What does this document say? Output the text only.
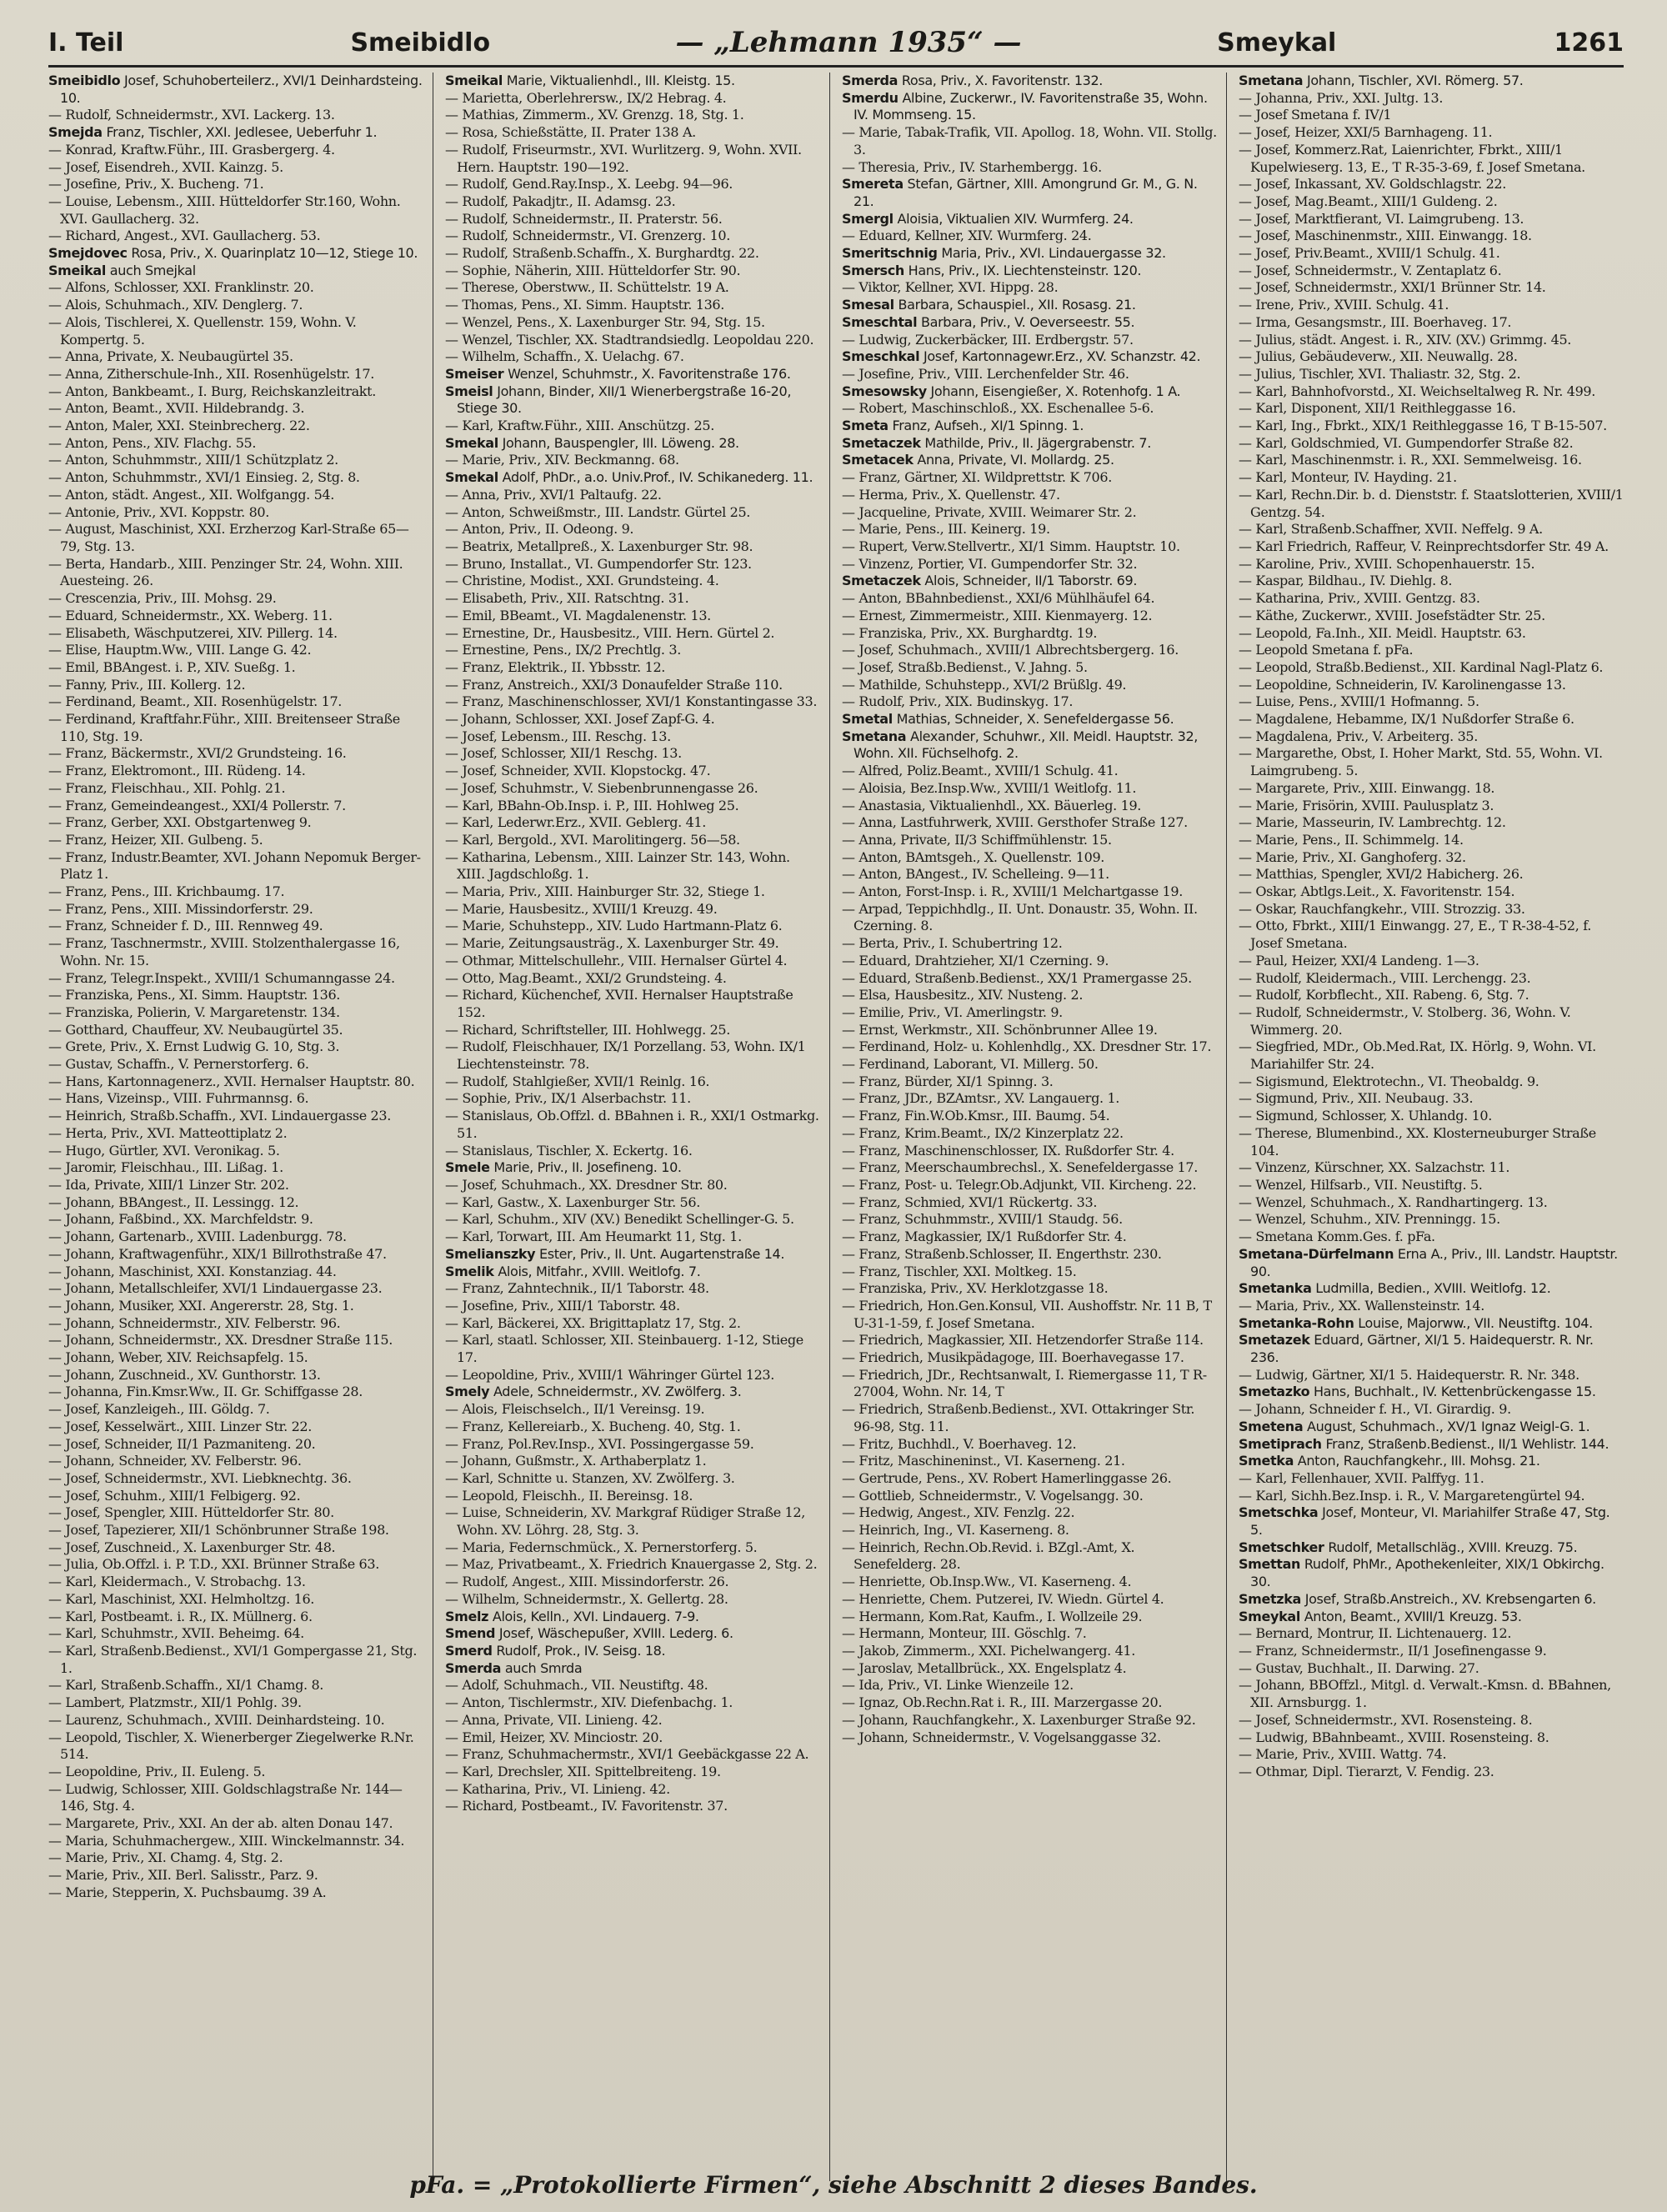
I. Teil	Smeibidlo	— „Lehmann 1935“ —	Smeykal	1261

Smeibidlo Josef, Schuhoberteilerz., XVI/1 Deinhardsteing. 10.

— Rudolf, Schneidermstr., XVI. Lackerg. 13.

Smejda Franz, Tischler, XXI. Jedlesee, Ueberfuhr 1.

— Konrad, Kraftw.Führ., III. Grasbergerg. 4.

— Josef, Eisendreh., XVII. Kainzg. 5.

— Josefine, Priv., X. Bucheng. 71.

— Louise, Lebensm., XIII. Hütteldorfer Str.160, Wohn. XVI. Gaullacherg. 32.

— Richard, Angest., XVI. Gaullacherg. 53.

Smejdovec Rosa, Priv., X. Quarinplatz 10—12, Stiege 10.

Smeikal auch Smejkal

— Alfons, Schlosser, XXI. Franklinstr. 20.

— Alois, Schuhmach., XIV. Denglerg. 7.

— Alois, Tischlerei, X. Quellenstr. 159, Wohn. V. Kompertg. 5.

— Anna, Private, X. Neubaugürtel 35.

— Anna, Zitherschule-Inh., XII. Rosenhügelstr. 17.

— Anton, Bankbeamt., I. Burg, Reichskanzleitrakt.

— Anton, Beamt., XVII. Hildebrandg. 3.

— Anton, Maler, XXI. Steinbrecherg. 22.

— Anton, Pens., XIV. Flachg. 55.

— Anton, Schuhmmstr., XIII/1 Schützplatz 2.

— Anton, Schuhmmstr., XVI/1 Einsieg. 2, Stg. 8.

— Anton, städt. Angest., XII. Wolfgangg. 54.

— Antonie, Priv., XVI. Koppstr. 80.

— August, Maschinist, XXI. Erzherzog Karl-Straße 65—79, Stg. 13.

— Berta, Handarb., XIII. Penzinger Str. 24, Wohn. XIII. Auesteing. 26.

— Crescenzia, Priv., III. Mohsg. 29.

— Eduard, Schneidermstr., XX. Weberg. 11.

— Elisabeth, Wäschputzerei, XIV. Pillerg. 14.

— Elise, Hauptm.Ww., VIII. Lange G. 42.

— Emil, BBAngest. i. P., XIV. Sueßg. 1.

— Fanny, Priv., III. Kollerg. 12.

— Ferdinand, Beamt., XII. Rosenhügelstr. 17.

— Ferdinand, Kraftfahr.Führ., XIII. Breitenseer Straße 110, Stg. 19.

— Franz, Bäckermstr., XVI/2 Grundsteing. 16.

— Franz, Elektromont., III. Rüdeng. 14.

— Franz, Fleischhau., XII. Pohlg. 21.

— Franz, Gemeindeangest., XXI/4 Pollerstr. 7.

— Franz, Gerber, XXI. Obstgartenweg 9.

— Franz, Heizer, XII. Gulbeng. 5.

— Franz, Industr.Beamter, XVI. Johann Nepomuk Berger-Platz 1.

— Franz, Pens., III. Krichbaumg. 17.

— Franz, Pens., XIII. Missindorferstr. 29.

— Franz, Schneider f. D., III. Rennweg 49.

— Franz, Taschnermstr., XVIII. Stolzenthalergasse 16, Wohn. Nr. 15.

— Franz, Telegr.Inspekt., XVIII/1 Schumanngasse 24.

— Franziska, Pens., XI. Simm. Hauptstr. 136.

— Franziska, Polierin, V. Margaretenstr. 134.

— Gotthard, Chauffeur, XV. Neubaugürtel 35.

— Grete, Priv., X. Ernst Ludwig G. 10, Stg. 3.

— Gustav, Schaffn., V. Pernerstorferg. 6.

— Hans, Kartonnagenerz., XVII. Hernalser Hauptstr. 80.

— Hans, Vizeinsp., VIII. Fuhrmannsg. 6.

— Heinrich, Straßb.Schaffn., XVI. Lindauergasse 23.

— Herta, Priv., XVI. Matteottiplatz 2.

— Hugo, Gürtler, XVI. Veronikag. 5.

— Jaromir, Fleischhau., III. Lißag. 1.

— Ida, Private, XIII/1 Linzer Str. 202.

— Johann, BBAngest., II. Lessingg. 12.

— Johann, Faßbind., XX. Marchfeldstr. 9.

— Johann, Gartenarb., XVIII. Ladenburgg. 78.

— Johann, Kraftwagenführ., XIX/1 Billrothstraße 47.

— Johann, Maschinist, XXI. Konstanziag. 44.

— Johann, Metallschleifer, XVI/1 Lindauergasse 23.

— Johann, Musiker, XXI. Angererstr. 28, Stg. 1.

— Johann, Schneidermstr., XIV. Felberstr. 96.

— Johann, Schneidermstr., XX. Dresdner Straße 115.

— Johann, Weber, XIV. Reichsapfelg. 15.

— Johann, Zuschneid., XV. Gunthorstr. 13.

— Johanna, Fin.Kmsr.Ww., II. Gr. Schiffgasse 28.

— Josef, Kanzleigeh., III. Göldg. 7.

— Josef, Kesselwärt., XIII. Linzer Str. 22.

— Josef, Schneider, II/1 Pazmaniteng. 20.

— Johann, Schneider, XV. Felberstr. 96.

— Josef, Schneidermstr., XVI. Liebknechtg. 36.

— Josef, Schuhm., XIII/1 Felbigerg. 92.

— Josef, Spengler, XIII. Hütteldorfer Str. 80.

— Josef, Tapezierer, XII/1 Schönbrunner Straße 198.

— Josef, Zuschneid., X. Laxenburger Str. 48.

— Julia, Ob.Offzl. i. P. T.D., XXI. Brünner Straße 63.

— Karl, Kleidermach., V. Strobachg. 13.

— Karl, Maschinist, XXI. Helmholtzg. 16.

— Karl, Postbeamt. i. R., IX. Müllnerg. 6.

— Karl, Schuhmstr., XVII. Beheimg. 64.

— Karl, Straßenb.Bedienst., XVI/1 Gompergasse 21, Stg. 1.

— Karl, Straßenb.Schaffn., XI/1 Chamg. 8.

— Lambert, Platzmstr., XII/1 Pohlg. 39.

— Laurenz, Schuhmach., XVIII. Deinhardsteing. 10.

— Leopold, Tischler, X. Wienerberger Ziegelwerke R.Nr. 514.

— Leopoldine, Priv., II. Euleng. 5.

— Ludwig, Schlosser, XIII. Goldschlagstraße Nr. 144—146, Stg. 4.

— Margarete, Priv., XXI. An der ab. alten Donau 147.

— Maria, Schuhmachergew., XIII. Winckelmannstr. 34.

— Marie, Priv., XI. Chamg. 4, Stg. 2.

— Marie, Priv., XII. Berl. Salisstr., Parz. 9.

— Marie, Stepperin, X. Puchsbaumg. 39 A.

Smeikal Marie, Viktualienhdl., III. Kleistg. 15.

— Marietta, Oberlehrersw., IX/2 Hebrag. 4.

— Mathias, Zimmerm., XV. Grenzg. 18, Stg. 1.

— Rosa, Schießstätte, II. Prater 138 A.

— Rudolf, Friseurmstr., XVI. Wurlitzerg. 9, Wohn. XVII. Hern. Hauptstr. 190—192.

— Rudolf, Gend.Ray.Insp., X. Leebg. 94—96.

— Rudolf, Pakadjtr., II. Adamsg. 23.

— Rudolf, Schneidermstr., II. Praterstr. 56.

— Rudolf, Schneidermstr., VI. Grenzerg. 10.

— Rudolf, Straßenb.Schaffn., X. Burghardtg. 22.

— Sophie, Näherin, XIII. Hütteldorfer Str. 90.

— Therese, Oberstww., II. Schüttelstr. 19 A.

— Thomas, Pens., XI. Simm. Hauptstr. 136.

— Wenzel, Pens., X. Laxenburger Str. 94, Stg. 15.

— Wenzel, Tischler, XX. Stadtrandsiedlg. Leopoldau 220.

— Wilhelm, Schaffn., X. Uelachg. 67.

Smeiser Wenzel, Schuhmstr., X. Favoritenstraße 176.

Smeisl Johann, Binder, XII/1 Wienerbergstraße 16-20, Stiege 30.

— Karl, Kraftw.Führ., XIII. Anschützg. 25.

Smekal Johann, Bauspengler, III. Löweng. 28.

— Marie, Priv., XIV. Beckmanng. 68.

Smekal Adolf, PhDr., a.o. Univ.Prof., IV. Schikanederg. 11.

— Anna, Priv., XVI/1 Paltaufg. 22.

— Anton, Schweißmstr., III. Landstr. Gürtel 25.

— Anton, Priv., II. Odeong. 9.

— Beatrix, Metallpreß., X. Laxenburger Str. 98.

— Bruno, Installat., VI. Gumpendorfer Str. 123.

— Christine, Modist., XXI. Grundsteing. 4.

— Elisabeth, Priv., XII. Ratschtng. 31.

— Emil, BBeamt., VI. Magdalenenstr. 13.

— Ernestine, Dr., Hausbesitz., VIII. Hern. Gürtel 2.

— Ernestine, Pens., IX/2 Prechtlg. 3.

— Franz, Elektrik., II. Ybbsstr. 12.

— Franz, Anstreich., XXI/3 Donaufelder Straße 110.

— Franz, Maschinenschlosser, XVI/1 Konstantingasse 33.

— Johann, Schlosser, XXI. Josef Zapf-G. 4.

— Josef, Lebensm., III. Reschg. 13.

— Josef, Schlosser, XII/1 Reschg. 13.

— Josef, Schneider, XVII. Klopstockg. 47.

— Josef, Schuhmstr., V. Siebenbrunnengasse 26.

— Karl, BBahn-Ob.Insp. i. P., III. Hohlweg 25.

— Karl, Lederwr.Erz., XVII. Geblerg. 41.

— Karl, Bergold., XVI. Marolitingerg. 56—58.

— Katharina, Lebensm., XIII. Lainzer Str. 143, Wohn. XIII. Jagdschloßg. 1.

— Maria, Priv., XIII. Hainburger Str. 32, Stiege 1.

— Marie, Hausbesitz., XVIII/1 Kreuzg. 49.

— Marie, Schuhstepp., XIV. Ludo Hartmann-Platz 6.

— Marie, Zeitungsausträg., X. Laxenburger Str. 49.

— Othmar, Mittelschullehr., VIII. Hernalser Gürtel 4.

— Otto, Mag.Beamt., XXI/2 Grundsteing. 4.

— Richard, Küchenchef, XVII. Hernalser Hauptstraße 152.

— Richard, Schriftsteller, III. Hohlwegg. 25.

— Rudolf, Fleischhauer, IX/1 Porzellang. 53, Wohn. IX/1 Liechtensteinstr. 78.

— Rudolf, Stahlgießer, XVII/1 Reinlg. 16.

— Sophie, Priv., IX/1 Alserbachstr. 11.

— Stanislaus, Ob.Offzl. d. BBahnen i. R., XXI/1 Ostmarkg. 51.

— Stanislaus, Tischler, X. Eckertg. 16.

Smele Marie, Priv., II. Josefineng. 10.

— Josef, Schuhmach., XX. Dresdner Str. 80.

— Karl, Gastw., X. Laxenburger Str. 56.

— Karl, Schuhm., XIV (XV.) Benedikt Schellinger-G. 5.

— Karl, Torwart, III. Am Heumarkt 11, Stg. 1.

Smelianszky Ester, Priv., II. Unt. Augartenstraße 14.

Smelik Alois, Mitfahr., XVIII. Weitlofg. 7.

— Franz, Zahntechnik., II/1 Taborstr. 48.

— Josefine, Priv., XIII/1 Taborstr. 48.

— Karl, Bäckerei, XX. Brigittaplatz 17, Stg. 2.

— Karl, staatl. Schlosser, XII. Steinbauerg. 1-12, Stiege 17.

— Leopoldine, Priv., XVIII/1 Währinger Gürtel 123.

Smely Adele, Schneidermstr., XV. Zwölferg. 3.

— Alois, Fleischselch., II/1 Vereinsg. 19.

— Franz, Kellereiarb., X. Bucheng. 40, Stg. 1.

— Franz, Pol.Rev.Insp., XVI. Possingergasse 59.

— Johann, Gußmstr., X. Arthaberplatz 1.

— Karl, Schnitte u. Stanzen, XV. Zwölferg. 3.

— Leopold, Fleischh., II. Bereinsg. 18.

— Luise, Schneiderin, XV. Markgraf Rüdiger Straße 12, Wohn. XV. Löhrg. 28, Stg. 3.

— Maria, Federnschmück., X. Pernerstorferg. 5.

— Maz, Privatbeamt., X. Friedrich Knauergasse 2, Stg. 2.

— Rudolf, Angest., XIII. Missindorferstr. 26.

— Wilhelm, Schneidermstr., X. Gellertg. 28.

Smelz Alois, Kelln., XVI. Lindauerg. 7-9.

Smend Josef, Wäschepußer, XVIII. Lederg. 6.

Smerd Rudolf, Prok., IV. Seisg. 18.

Smerda auch Smrda

— Adolf, Schuhmach., VII. Neustiftg. 48.

— Anton, Tischlermstr., XIV. Diefenbachg. 1.

— Anna, Private, VII. Linieng. 42.

— Emil, Heizer, XV. Minciostr. 20.

— Franz, Schuhmachermstr., XVI/1 Geebäckgasse 22 A.

— Karl, Drechsler, XII. Spittelbreiteng. 19.

— Katharina, Priv., VI. Linieng. 42.

— Richard, Postbeamt., IV. Favoritenstr. 37.

Smerda Rosa, Priv., X. Favoritenstr. 132.

Smerdu Albine, Zuckerwr., IV. Favoritenstraße 35, Wohn. IV. Mommseng. 15.

— Marie, Tabak-Trafik, VII. Apollog. 18, Wohn. VII. Stollg. 3.

— Theresia, Priv., IV. Starhembergg. 16.

Smereta Stefan, Gärtner, XIII. Amongrund Gr. M., G. N. 21.

Smergl Aloisia, Viktualien XIV. Wurmferg. 24.

— Eduard, Kellner, XIV. Wurmferg. 24.

Smeritschnig Maria, Priv., XVI. Lindauergasse 32.

Smersch Hans, Priv., IX. Liechtensteinstr. 120.

— Viktor, Kellner, XVI. Hippg. 28.

Smesal Barbara, Schauspiel., XII. Rosasg. 21.

Smeschtal Barbara, Priv., V. Oeverseestr. 55.

— Ludwig, Zuckerbäcker, III. Erdbergstr. 57.

Smeschkal Josef, Kartonnagewr.Erz., XV. Schanzstr. 42.

— Josefine, Priv., VIII. Lerchenfelder Str. 46.

Smesowsky Johann, Eisengießer, X. Rotenhofg. 1 A.

— Robert, Maschinschloß., XX. Eschenallee 5-6.

Smeta Franz, Aufseh., XI/1 Spinng. 1.

Smetaczek Mathilde, Priv., II. Jägergrabenstr. 7.

Smetacek Anna, Private, VI. Mollardg. 25.

— Franz, Gärtner, XI. Wildprettstr. K 706.

— Herma, Priv., X. Quellenstr. 47.

— Jacqueline, Private, XVIII. Weimarer Str. 2.

— Marie, Pens., III. Keinerg. 19.

— Rupert, Verw.Stellvertr., XI/1 Simm. Hauptstr. 10.

— Vinzenz, Portier, VI. Gumpendorfer Str. 32.

Smetaczek Alois, Schneider, II/1 Taborstr. 69.

— Anton, BBahnbedienst., XXI/6 Mühlhäufel 64.

— Ernest, Zimmermeistr., XIII. Kienmayerg. 12.

— Franziska, Priv., XX. Burghardtg. 19.

— Josef, Schuhmach., XVIII/1 Albrechtsbergerg. 16.

— Josef, Straßb.Bedienst., V. Jahng. 5.

— Mathilde, Schuhstepp., XVI/2 Brüßlg. 49.

— Rudolf, Priv., XIX. Budinskyg. 17.

Smetal Mathias, Schneider, X. Senefeldergasse 56.

Smetana Alexander, Schuhwr., XII. Meidl. Hauptstr. 32, Wohn. XII. Füchselhofg. 2.

— Alfred, Poliz.Beamt., XVIII/1 Schulg. 41.

— Aloisia, Bez.Insp.Ww., XVIII/1 Weitlofg. 11.

— Anastasia, Viktualienhdl., XX. Bäuerleg. 19.

— Anna, Lastfuhrwerk, XVIII. Gersthofer Straße 127.

— Anna, Private, II/3 Schiffmühlenstr. 15.

— Anton, BAmtsgeh., X. Quellenstr. 109.

— Anton, BAngest., IV. Schelleing. 9—11.

— Anton, Forst-Insp. i. R., XVIII/1 Melchartgasse 19.

— Arpad, Teppichhdlg., II. Unt. Donaustr. 35, Wohn. II. Czerning. 8.

— Berta, Priv., I. Schubertring 12.

— Eduard, Drahtzieher, XI/1 Czerning. 9.

— Eduard, Straßenb.Bedienst., XX/1 Pramergasse 25.

— Elsa, Hausbesitz., XIV. Nusteng. 2.

— Emilie, Priv., VI. Amerlingstr. 9.

— Ernst, Werkmstr., XII. Schönbrunner Allee 19.

— Ferdinand, Holz- u. Kohlenhdlg., XX. Dresdner Str. 17.

— Ferdinand, Laborant, VI. Millerg. 50.

— Franz, Bürder, XI/1 Spinng. 3.

— Franz, JDr., BZAmtsr., XV. Langauerg. 1.

— Franz, Fin.W.Ob.Kmsr., III. Baumg. 54.

— Franz, Krim.Beamt., IX/2 Kinzerplatz 22.

— Franz, Maschinenschlosser, IX. Rußdorfer Str. 4.

— Franz, Meerschaumbrechsl., X. Senefeldergasse 17.

— Franz, Post- u. Telegr.Ob.Adjunkt, VII. Kircheng. 22.

— Franz, Schmied, XVI/1 Rückertg. 33.

— Franz, Schuhmmstr., XVIII/1 Staudg. 56.

— Franz, Magkassier, IX/1 Rußdorfer Str. 4.

— Franz, Straßenb.Schlosser, II. Engerthstr. 230.

— Franz, Tischler, XXI. Moltkeg. 15.

— Franziska, Priv., XV. Herklotzgasse 18.

— Friedrich, Hon.Gen.Konsul, VII. Aushoffstr. Nr. 11 B, T U-31-1-59, f. Josef Smetana.

— Friedrich, Magkassier, XII. Hetzendorfer Straße 114.

— Friedrich, Musikpädagoge, III. Boerhavegasse 17.

— Friedrich, JDr., Rechtsanwalt, I. Riemergasse 11, T R-27004, Wohn. Nr. 14, T

— Friedrich, Straßenb.Bedienst., XVI. Ottakringer Str. 96-98, Stg. 11.

— Fritz, Buchhdl., V. Boerhaveg. 12.

— Fritz, Maschineninst., VI. Kaserneng. 21.

— Gertrude, Pens., XV. Robert Hamerlinggasse 26.

— Gottlieb, Schneidermstr., V. Vogelsangg. 30.

— Hedwig, Angest., XIV. Fenzlg. 22.

— Heinrich, Ing., VI. Kaserneng. 8.

— Heinrich, Rechn.Ob.Revid. i. BZgl.-Amt, X. Senefelderg. 28.

— Henriette, Ob.Insp.Ww., VI. Kaserneng. 4.

— Henriette, Chem. Putzerei, IV. Wiedn. Gürtel 4.

— Hermann, Kom.Rat, Kaufm., I. Wollzeile 29.

— Hermann, Monteur, III. Göschlg. 7.

— Jakob, Zimmerm., XXI. Pichelwangerg. 41.

— Jaroslav, Metallbrück., XX. Engelsplatz 4.

— Ida, Priv., VI. Linke Wienzeile 12.

— Ignaz, Ob.Rechn.Rat i. R., III. Marzergasse 20.

— Johann, Rauchfangkehr., X. Laxenburger Straße 92.

— Johann, Schneidermstr., V. Vogelsanggasse 32.

Smetana Johann, Tischler, XVI. Römerg. 57.

— Johanna, Priv., XXI. Jultg. 13.

— Josef Smetana f. IV/1

— Josef, Heizer, XXI/5 Barnhageng. 11.

— Josef, Kommerz.Rat, Laienrichter, Fbrkt., XIII/1 Kupelwieserg. 13, E., T R-35-3-69, f. Josef Smetana.

— Josef, Inkassant, XV. Goldschlagstr. 22.

— Josef, Mag.Beamt., XIII/1 Guldeng. 2.

— Josef, Marktfierant, VI. Laimgrubeng. 13.

— Josef, Maschinenmstr., XIII. Einwangg. 18.

— Josef, Priv.Beamt., XVIII/1 Schulg. 41.

— Josef, Schneidermstr., V. Zentaplatz 6.

— Josef, Schneidermstr., XXI/1 Brünner Str. 14.

— Irene, Priv., XVIII. Schulg. 41.

— Irma, Gesangsmstr., III. Boerhaveg. 17.

— Julius, städt. Angest. i. R., XIV. (XV.) Grimmg. 45.

— Julius, Gebäudeverw., XII. Neuwallg. 28.

— Julius, Tischler, XVI. Thaliastr. 32, Stg. 2.

— Karl, Bahnhofvorstd., XI. Weichseltalweg R. Nr. 499.

— Karl, Disponent, XII/1 Reithleggasse 16.

— Karl, Ing., Fbrkt., XIX/1 Reithleggasse 16, T B-15-507.

— Karl, Goldschmied, VI. Gumpendorfer Straße 82.

— Karl, Maschinenmstr. i. R., XXI. Semmelweisg. 16.

— Karl, Monteur, IV. Hayding. 21.

— Karl, Rechn.Dir. b. d. Dienststr. f. Staatslotterien, XVIII/1 Gentzg. 54.

— Karl, Straßenb.Schaffner, XVII. Neffelg. 9 A.

— Karl Friedrich, Raffeur, V. Reinprechtsdorfer Str. 49 A.

— Karoline, Priv., XVIII. Schopenhauerstr. 15.

— Kaspar, Bildhau., IV. Diehlg. 8.

— Katharina, Priv., XVIII. Gentzg. 83.

— Käthe, Zuckerwr., XVIII. Josefstädter Str. 25.

— Leopold, Fa.Inh., XII. Meidl. Hauptstr. 63.

— Leopold Smetana f. pFa.

— Leopold, Straßb.Bedienst., XII. Kardinal Nagl-Platz 6.

— Leopoldine, Schneiderin, IV. Karolinengasse 13.

— Luise, Pens., XVIII/1 Hofmanng. 5.

— Magdalene, Hebamme, IX/1 Nußdorfer Straße 6.

— Magdalena, Priv., V. Arbeiterg. 35.

— Margarethe, Obst, I. Hoher Markt, Std. 55, Wohn. VI. Laimgrubeng. 5.

— Margarete, Priv., XIII. Einwangg. 18.

— Marie, Frisörin, XVIII. Paulusplatz 3.

— Marie, Masseurin, IV. Lambrechtg. 12.

— Marie, Pens., II. Schimmelg. 14.

— Marie, Priv., XI. Ganghoferg. 32.

— Matthias, Spengler, XVI/2 Habicherg. 26.

— Oskar, Abtlgs.Leit., X. Favoritenstr. 154.

— Oskar, Rauchfangkehr., VIII. Strozzig. 33.

— Otto, Fbrkt., XIII/1 Einwangg. 27, E., T R-38-4-52, f. Josef Smetana.

— Paul, Heizer, XXI/4 Landeng. 1—3.

— Rudolf, Kleidermach., VIII. Lerchengg. 23.

— Rudolf, Korbflecht., XII. Rabeng. 6, Stg. 7.

— Rudolf, Schneidermstr., V. Stolberg. 36, Wohn. V. Wimmerg. 20.

— Siegfried, MDr., Ob.Med.Rat, IX. Hörlg. 9, Wohn. VI. Mariahilfer Str. 24.

— Sigismund, Elektrotechn., VI. Theobaldg. 9.

— Sigmund, Priv., XII. Neubaug. 33.

— Sigmund, Schlosser, X. Uhlandg. 10.

— Therese, Blumenbind., XX. Klosterneuburger Straße 104.

— Vinzenz, Kürschner, XX. Salzachstr. 11.

— Wenzel, Hilfsarb., VII. Neustiftg. 5.

— Wenzel, Schuhmach., X. Randhartingerg. 13.

— Wenzel, Schuhm., XIV. Prenningg. 15.

— Smetana Komm.Ges. f. pFa.

Smetana-Dürfelmann Erna A., Priv., III. Landstr. Hauptstr. 90.

Smetanka Ludmilla, Bedien., XVIII. Weitlofg. 12.

— Maria, Priv., XX. Wallensteinstr. 14.

Smetanka-Rohn Louise, Majorww., VII. Neustiftg. 104.

Smetazek Eduard, Gärtner, XI/1 5. Haidequerstr. R. Nr. 236.

— Ludwig, Gärtner, XI/1 5. Haidequerstr. R. Nr. 348.

Smetazko Hans, Buchhalt., IV. Kettenbrückengasse 15.

— Johann, Schneider f. H., VI. Girardig. 9.

Smetena August, Schuhmach., XV/1 Ignaz Weigl-G. 1.

Smetiprach Franz, Straßenb.Bedienst., II/1 Wehlistr. 144.

Smetka Anton, Rauchfangkehr., III. Mohsg. 21.

— Karl, Fellenhauer, XVII. Palffyg. 11.

— Karl, Sichh.Bez.Insp. i. R., V. Margaretengürtel 94.

Smetschka Josef, Monteur, VI. Mariahilfer Straße 47, Stg. 5.

Smetschker Rudolf, Metallschläg., XVIII. Kreuzg. 75.

Smettan Rudolf, PhMr., Apothekenleiter, XIX/1 Obkirchg. 30.

Smetzka Josef, Straßb.Anstreich., XV. Krebsengarten 6.

Smeykal Anton, Beamt., XVIII/1 Kreuzg. 53.

— Bernard, Montrur, II. Lichtenauerg. 12.

— Franz, Schneidermstr., II/1 Josefinengasse 9.

— Gustav, Buchhalt., II. Darwing. 27.

— Johann, BBOffzl., Mitgl. d. Verwalt.-Kmsn. d. BBahnen, XII. Arnsburgg. 1.

— Josef, Schneidermstr., XVI. Rosensteing. 8.

— Ludwig, BBahnbeamt., XVIII. Rosensteing. 8.

— Marie, Priv., XVIII. Wattg. 74.

— Othmar, Dipl. Tierarzt, V. Fendig. 23.

pFa. = „Protokollierte Firmen“, siehe Abschnitt 2 dieses Bandes.
